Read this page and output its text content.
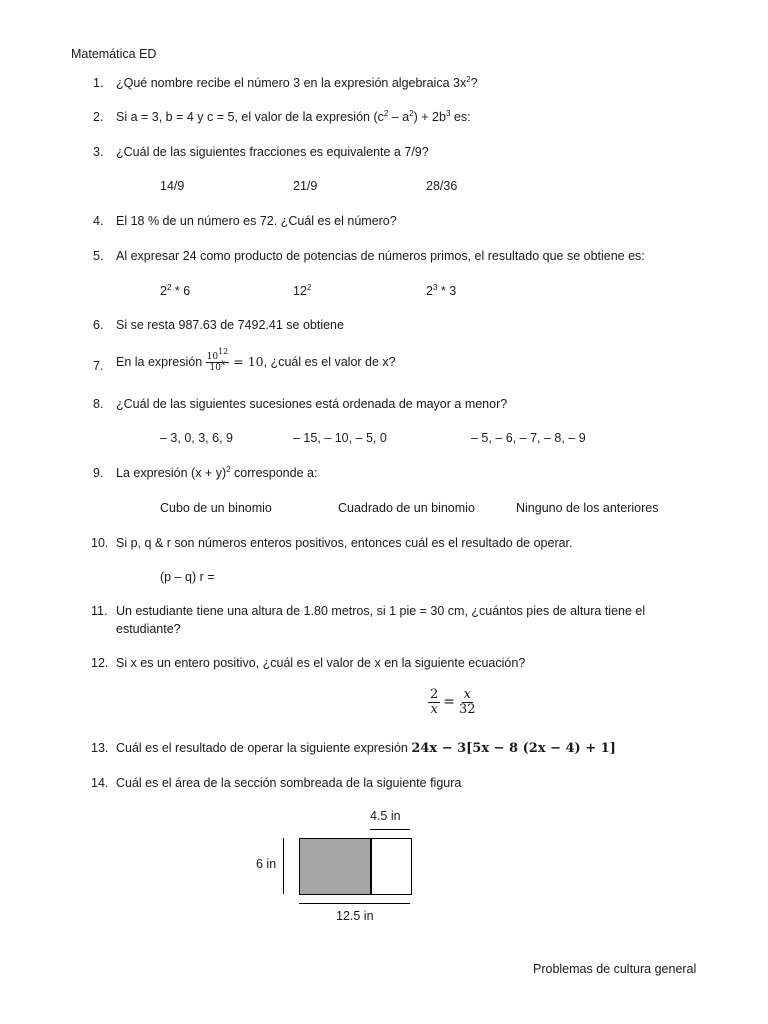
Matemática ED
1.	¿Qué nombre recibe el número 3 en la expresión algebraica $3x^2$?
2.	Si a = 3, b = 4 y c = 5, el valor de la expresión $(c^2 - a^2) + 2b^3$ es:
3.	¿Cuál de las siguientes fracciones es equivalente a 7/9?
14/9	21/9	28/36
4.	El 18 % de un número es 72. ¿Cuál es el número?
5.	Al expresar 24 como producto de potencias de números primos, el resultado que se obtiene es:
$2^2 * 6$	$12^2$	$2^3 * 3$
6.	Si se resta 987.63 de 7492.41 se obtiene
7.	En la expresión $\frac{10^{12}}{10^x} = 10$, ¿cuál es el valor de x?
8.	¿Cuál de las siguientes sucesiones está ordenada de mayor a menor?
– 3, 0, 3, 6, 9	– 15, – 10, – 5, 0	– 5, – 6, – 7, – 8, – 9
9.	La expresión $(x + y)^2$ corresponde a:
Cubo de un binomio	Cuadrado de un binomio	Ninguno de los anteriores
10. Si p, q & r son números enteros positivos, entonces cuál es el resultado de operar.
(p – q) r =
11. Un estudiante tiene una altura de 1.80 metros, si 1 pie = 30 cm, ¿cuántos pies de altura tiene el
estudiante?
12. Si x es un entero positivo, ¿cuál es el valor de x en la siguiente ecuación?
$\frac{2}{x} = \frac{x}{32}$
13. Cuál es el resultado de operar la siguiente expresión 24x − 3[5x − 8 (2x − 4) + 1]
14. Cuál es el área de la sección sombreada de la siguiente figura
4.5 in
6 in
12.5 in
Problemas de cultura general
